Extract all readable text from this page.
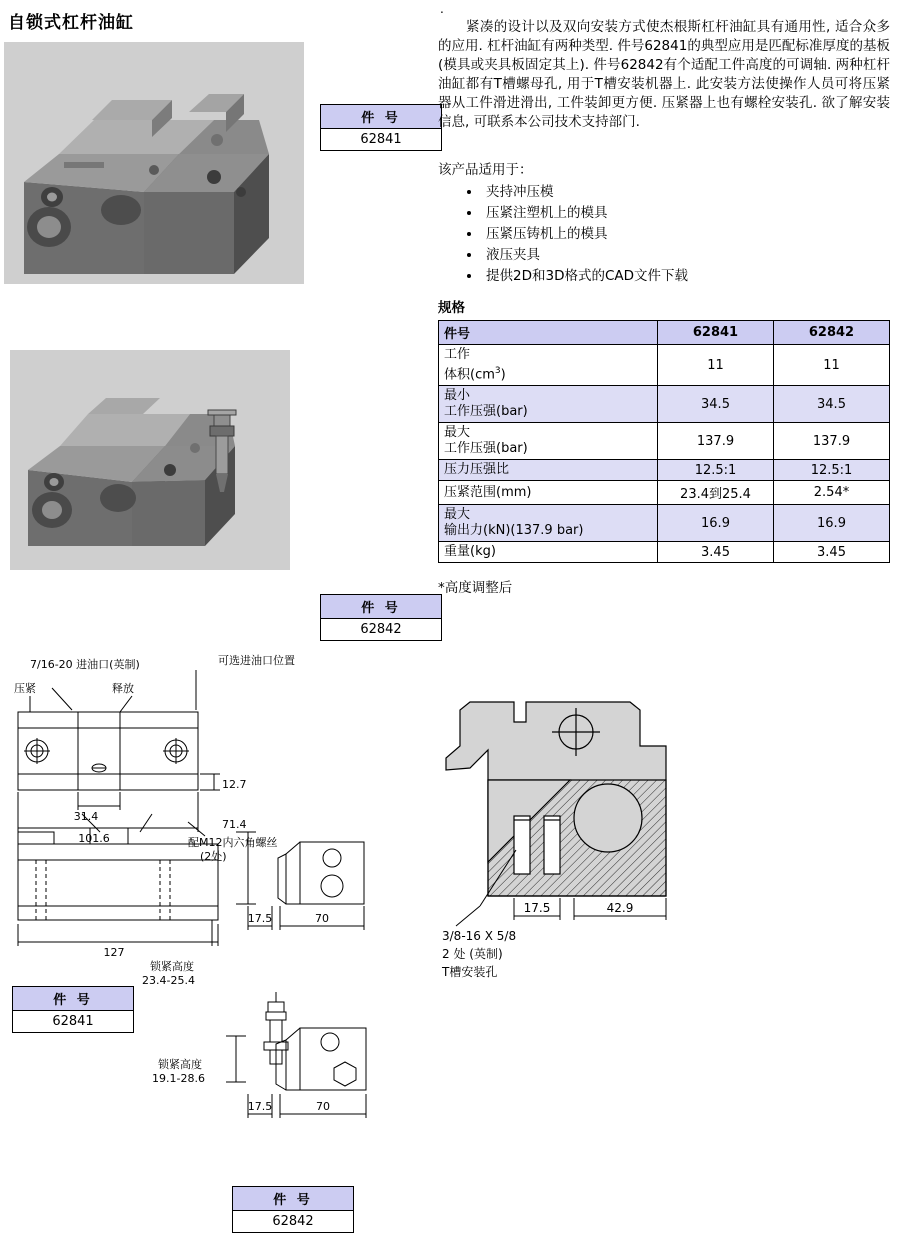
自锁式杠杆油缸
.
件 号
62841
件 号
62842
件 号
62841
件 号
62842
紧凑的设计以及双向安装方式使杰根斯杠杆油缸具有通用性, 适合众多的应用. 杠杆油缸有两种类型. 件号62841的典型应用是匹配标准厚度的基板(模具或夹具板固定其上). 件号62842有个适配工件高度的可调轴. 两种杠杆油缸都有T槽螺母孔, 用于T槽安装机器上. 此安装方法使操作人员可将压紧器从工件滑进滑出, 工件装卸更方便. 压紧器上也有螺栓安装孔. 欲了解安装信息, 可联系本公司技术支持部门.
该产品适用于：
• 夹持冲压模
• 压紧注塑机上的模具
• 压紧压铸机上的模具
• 液压夹具
• 提供2D和3D格式的CAD文件下载
规格
件号	62841	62842
工作
体积$(cm^3)$	11	11
最小
工作压强(bar)	34.5	34.5
最大
工作压强(bar)	137.9	137.9
压力压强比	12.5:1	12.5:1
压紧范围(mm)	23.4到25.4	2.54*
最大
输出力(kN)(137.9 bar)	16.9	16.9
重量(kg)	3.45	3.45
*高度调整后
7/16-20 进油口(英制)	可选进油口位置
压紧	释放
31.4
12.7
101.6	配M12内六角螺丝
(2处)
71.4
127
17.5	70
锁紧高度
23.4-25.4
锁紧高度
19.1-28.6
17.5	70
17.5	42.9
3/8-16 X 5/8
2 处 (英制)
T槽安装孔
